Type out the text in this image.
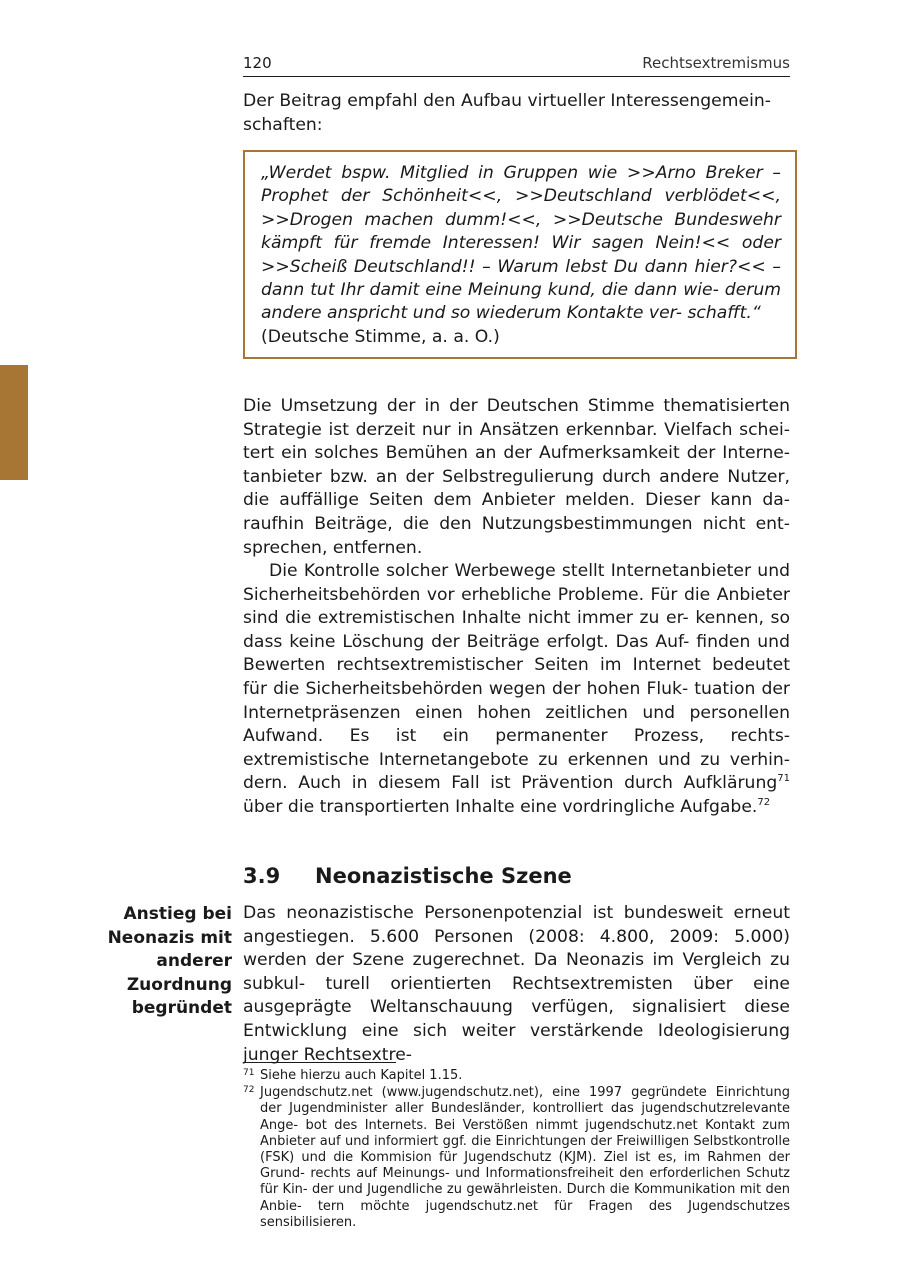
120	Rechtsextremismus

Der Beitrag empfahl den Aufbau virtueller Interessengemein- schaften:

„Werdet bspw. Mitglied in Gruppen wie >>Arno Breker – Prophet der Schönheit<<, >>Deutschland verblödet<<, >>Drogen machen dumm!<<, >>Deutsche Bundeswehr kämpft für fremde Interessen! Wir sagen Nein!<< oder >>Scheiß Deutschland!! – Warum lebst Du dann hier?<< – dann tut Ihr damit eine Meinung kund, die dann wie- derum andere anspricht und so wiederum Kontakte ver- schafft.“

(Deutsche Stimme, a. a. O.)

Die Umsetzung der in der Deutschen Stimme thematisierten Strategie ist derzeit nur in Ansätzen erkennbar. Vielfach schei- tert ein solches Bemühen an der Aufmerksamkeit der Interne- tanbieter bzw. an der Selbstregulierung durch andere Nutzer, die auffällige Seiten dem Anbieter melden. Dieser kann da- raufhin Beiträge, die den Nutzungsbestimmungen nicht ent- sprechen, entfernen.

Die Kontrolle solcher Werbewege stellt Internetanbieter und Sicherheitsbehörden vor erhebliche Probleme. Für die Anbieter sind die extremistischen Inhalte nicht immer zu er- kennen, so dass keine Löschung der Beiträge erfolgt. Das Auf- finden und Bewerten rechtsextremistischer Seiten im Internet bedeutet für die Sicherheitsbehörden wegen der hohen Fluk- tuation der Internetpräsenzen einen hohen zeitlichen und personellen Aufwand. Es ist ein permanenter Prozess, rechts- extremistische Internetangebote zu erkennen und zu verhin- dern. Auch in diesem Fall ist Prävention durch Aufklärung$^{71}$ über die transportierten Inhalte eine vordringliche Aufgabe.$^{72}$

3.9 Neonazistische Szene
Anstieg bei
Neonazis mit
anderer
Zuordnung
begründet

Das neonazistische Personenpotenzial ist bundesweit erneut angestiegen. 5.600 Personen (2008: 4.800, 2009: 5.000) werden der Szene zugerechnet. Da Neonazis im Vergleich zu subkul- turell orientierten Rechtsextremisten über eine ausgeprägte Weltanschauung verfügen, signalisiert diese Entwicklung eine sich weiter verstärkende Ideologisierung junger Rechtsextre-

71 Siehe hierzu auch Kapitel 1.15.

72 Jugendschutz.net (www.jugendschutz.net), eine 1997 gegründete Einrichtung der Jugendminister aller Bundesländer, kontrolliert das jugendschutzrelevante Ange- bot des Internets. Bei Verstößen nimmt jugendschutz.net Kontakt zum Anbieter auf und informiert ggf. die Einrichtungen der Freiwilligen Selbstkontrolle (FSK) und die Kommision für Jugendschutz (KJM). Ziel ist es, im Rahmen der Grund- rechts auf Meinungs- und Informationsfreiheit den erforderlichen Schutz für Kin- der und Jugendliche zu gewährleisten. Durch die Kommunikation mit den Anbie- tern möchte jugendschutz.net für Fragen des Jugendschutzes sensibilisieren.
